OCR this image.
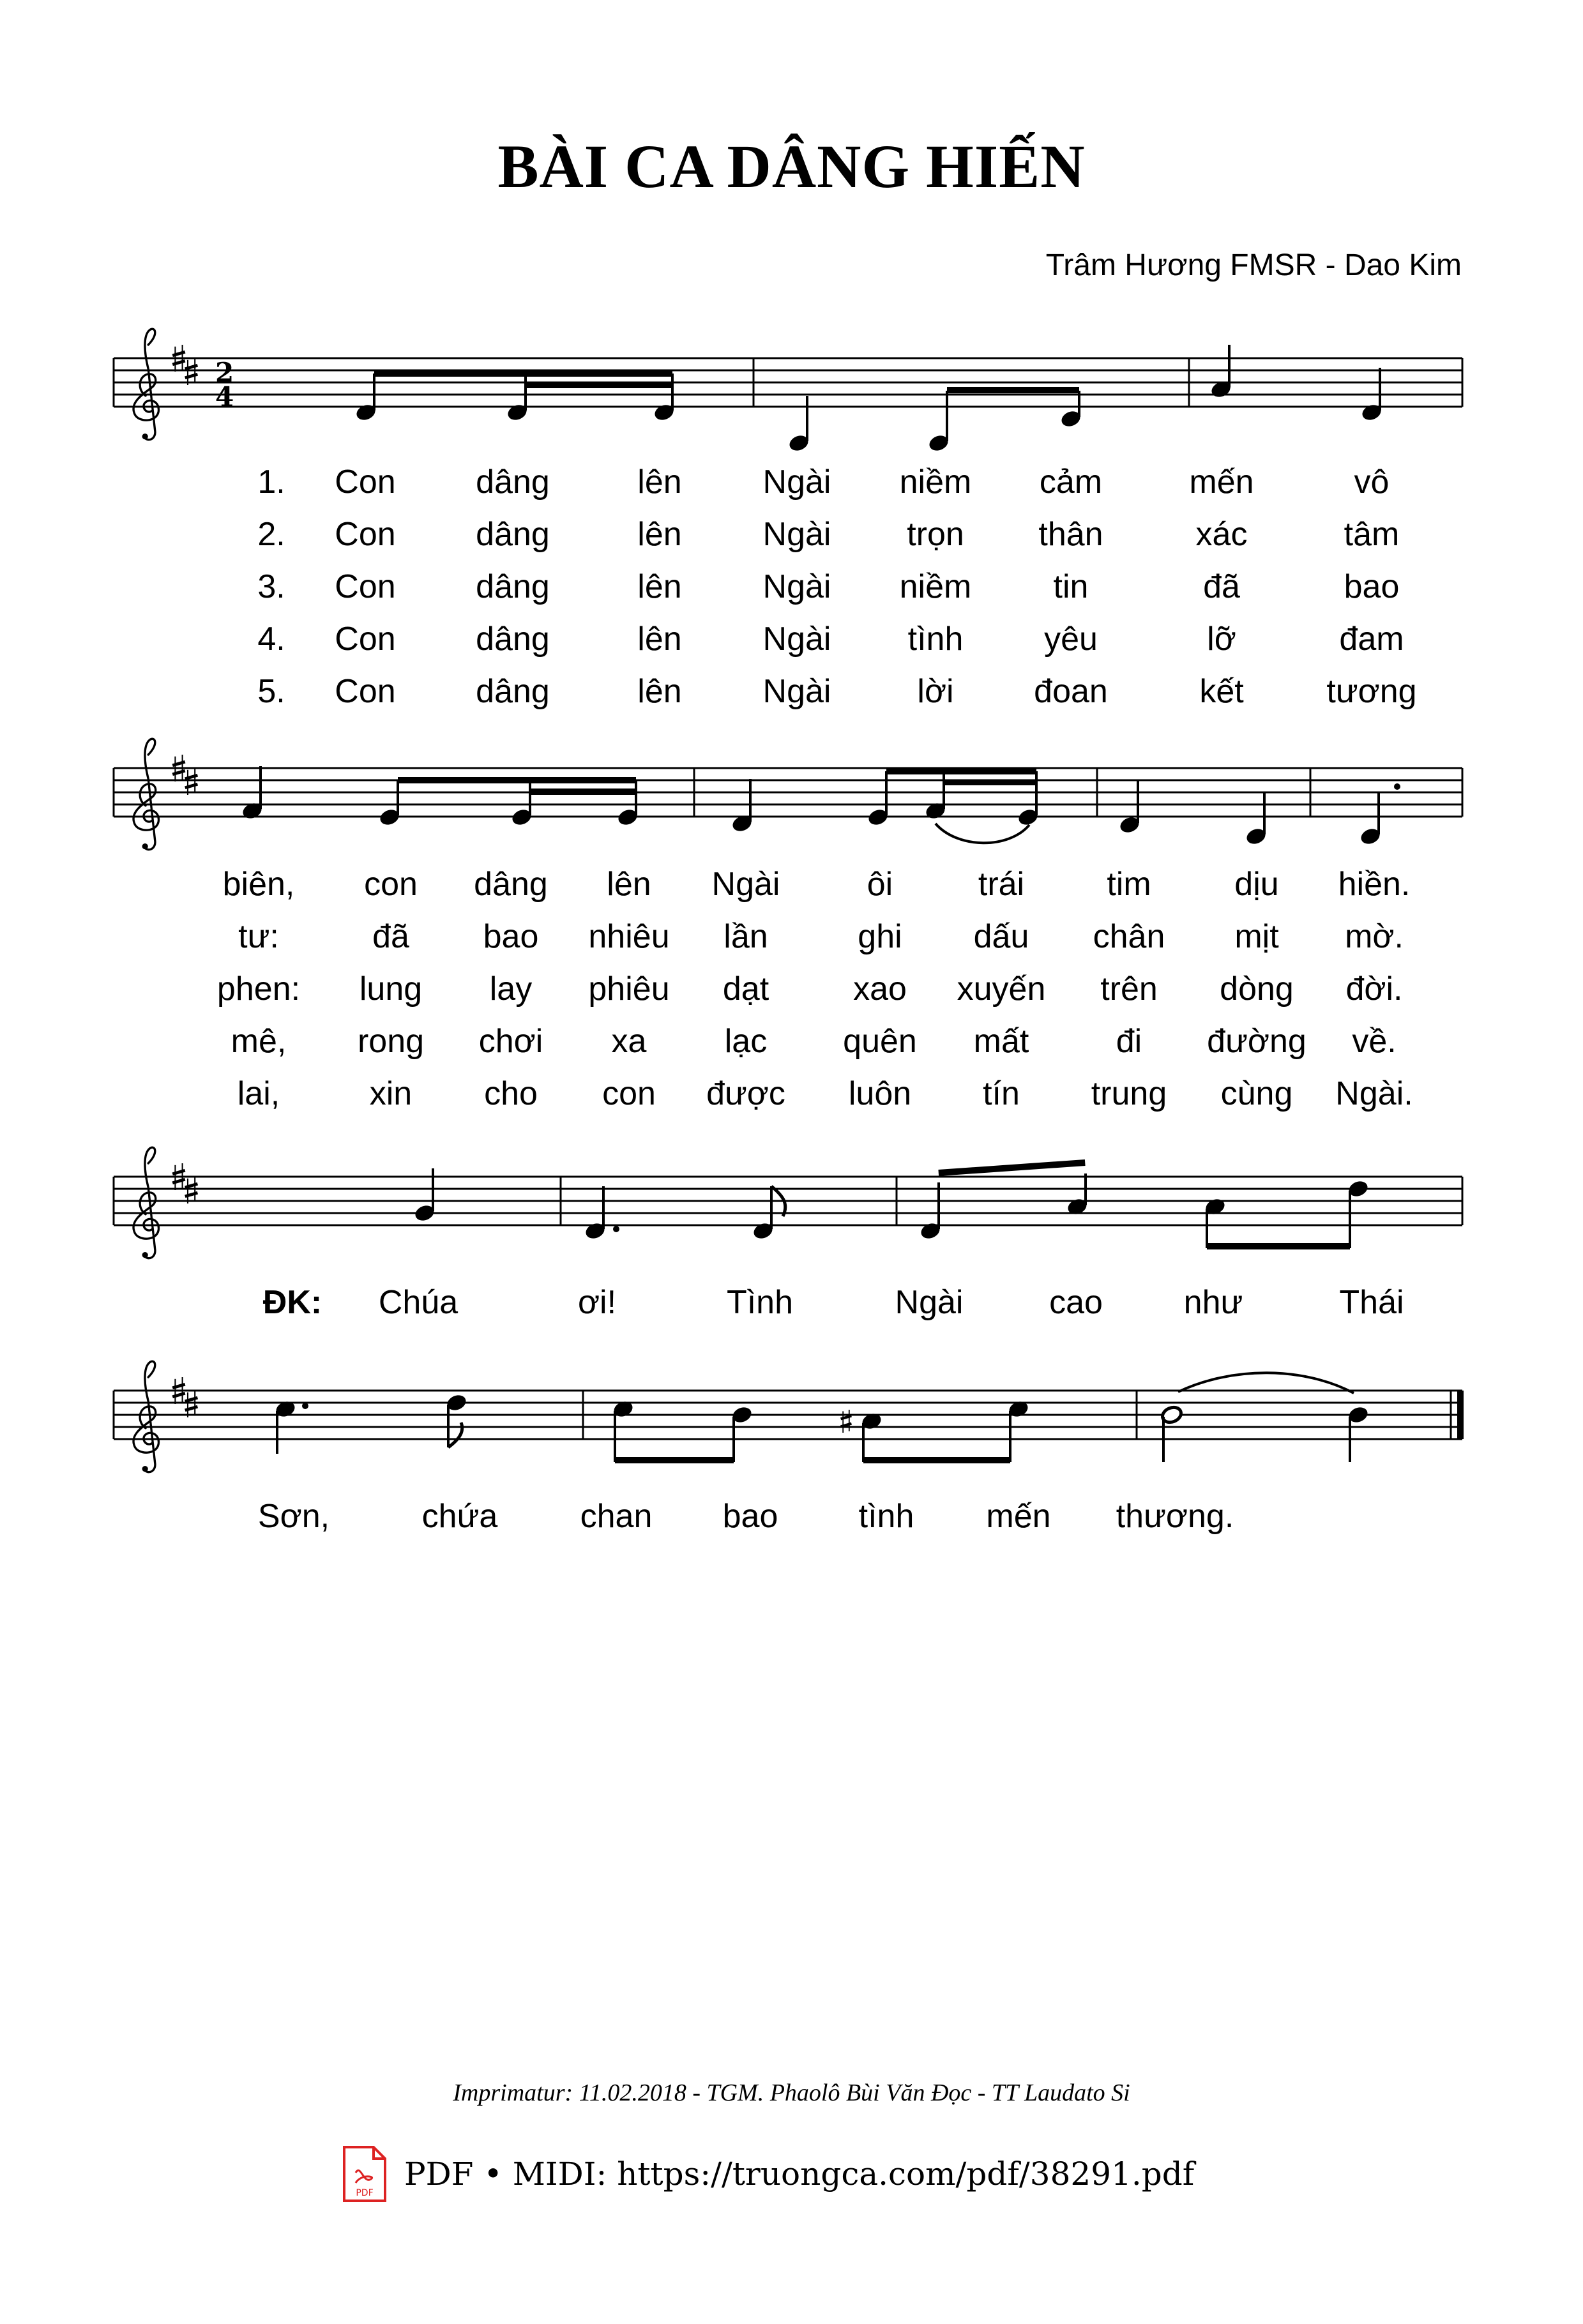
BÀI CA DÂNG HIẾN
Trâm Hương FMSR - Dao Kim
2
4
1. Con dâng	lên Ngài niềm cảm	mến	vô
2. Con dâng	lên Ngài trọn thân	xác	tâm
3. Con dâng	lên Ngài niềm tin	đã	bao
4. Con dâng	lên Ngài tình yêu	lỡ	đam
5. Con dâng	lên Ngài	lời đoan	kết tương
biên, con dâng lên Ngài	ôi	trái tim	dịu hiền.
tư:	đã bao nhiêu lần	ghi dấu chân mịt mờ.
phen: lung lay phiêu dạt	xao xuyến trên dòng đời.
mê, rong chơi xa lạc quên mất	đi đường về.
lai,	xin cho con được luôn tín trung cùng Ngài.
ĐK: Chúa	ơi!	Tình	Ngài	cao như	Thái
Sơn,	chứa chan bao tình mến thương.
Imprimatur: 11.02.2018 - TGM. Phaolô Bùi Văn Đọc - TT Laudato Si
PDF
PDF • MIDI: https://truongca.com/pdf/38291.pdf
